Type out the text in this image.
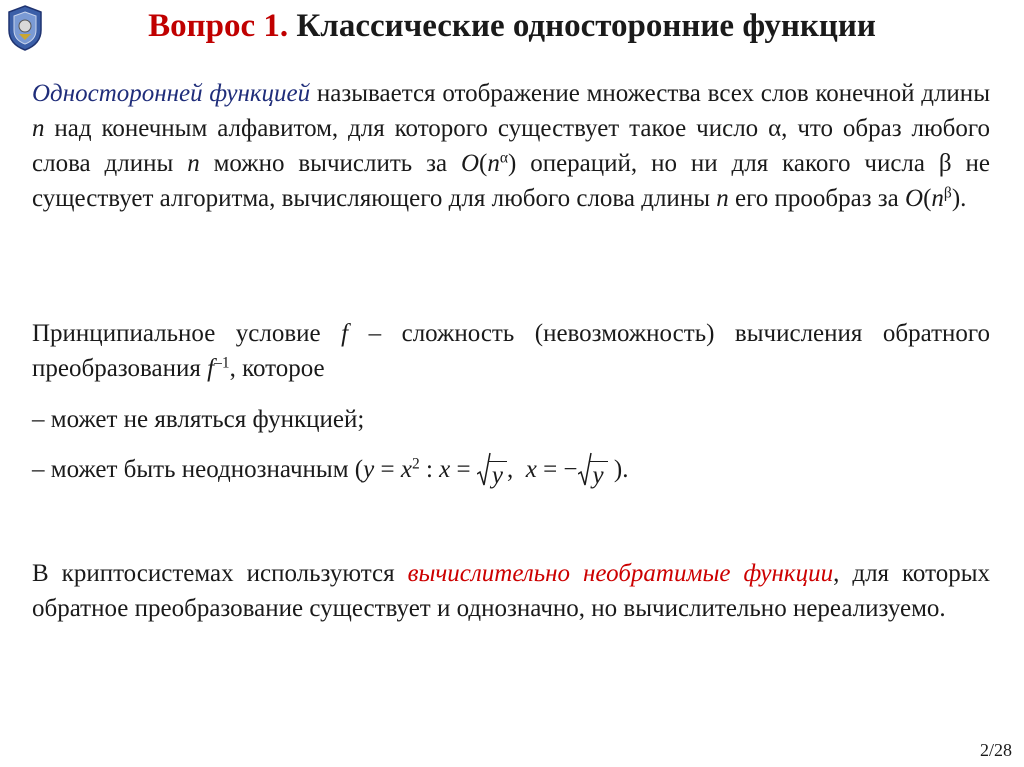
Вопрос 1. Классические односторонние функции
Односторонней функцией называется отображение множества всех слов конечной длины n над конечным алфавитом, для которого существует такое число α, что образ любого слова длины n можно вычислить за $O(n^\alpha)$ операций, но ни для какого числа β не существует алгоритма, вычисляющего для любого слова длины n его прообраз за $O(n^\beta)$.
Принципиальное условие f – сложность (невозможность) вычисления обратного преобразования $f^{-1}$, которое
– может не являться функцией;
– может быть неоднозначным ($y = x^2$ : x =
y , x = − y ).
В криптосистемах используются вычислительно необратимые функции, для которых обратное преобразование существует и однозначно, но вычислительно нереализуемо.
2/28
